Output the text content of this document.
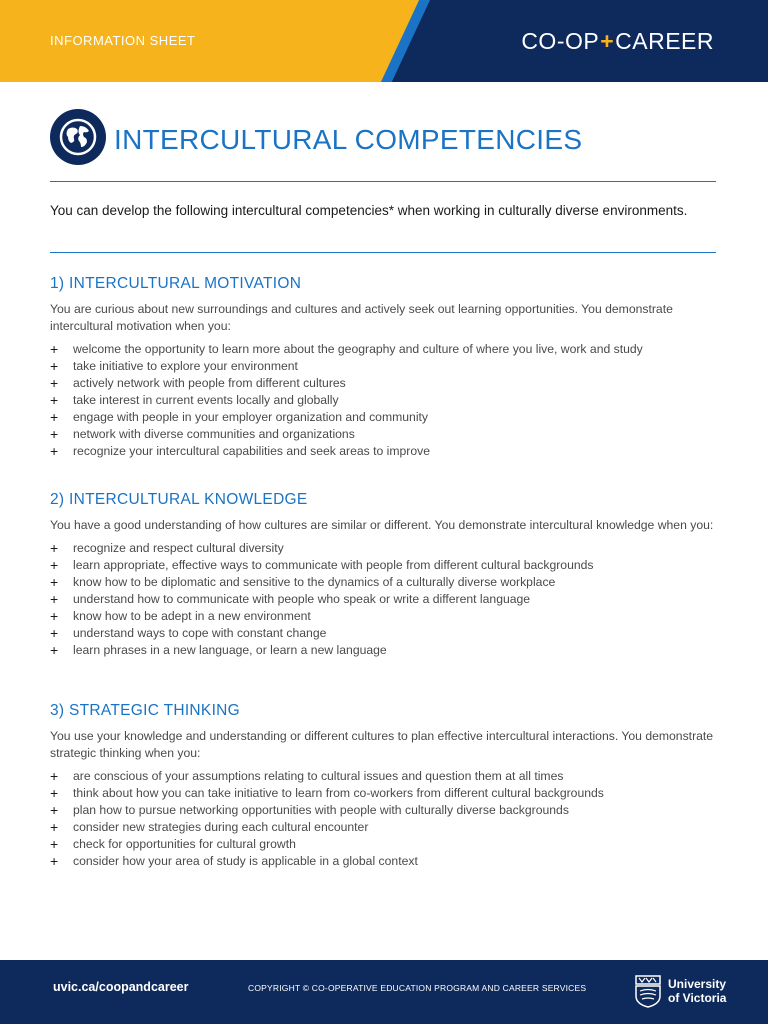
INFORMATION SHEET	CO-OP + CAREER
INTERCULTURAL COMPETENCIES

You can develop the following intercultural competencies* when working in culturally diverse environments.

1) INTERCULTURAL MOTIVATION

You are curious about new surroundings and cultures and actively seek out learning opportunities. You demonstrate intercultural motivation when you:

+ welcome the opportunity to learn more about the geography and culture of where you live, work and study
+ take initiative to explore your environment
+ actively network with people from different cultures
+ take interest in current events locally and globally
+ engage with people in your employer organization and community
+ network with diverse communities and organizations
+ recognize your intercultural capabilities and seek areas to improve
2) INTERCULTURAL KNOWLEDGE

You have a good understanding of how cultures are similar or different. You demonstrate intercultural knowledge when you:

+ recognize and respect cultural diversity
+ learn appropriate, effective ways to communicate with people from different cultural backgrounds
+ know how to be diplomatic and sensitive to the dynamics of a culturally diverse workplace
+ understand how to communicate with people who speak or write a different language
+ know how to be adept in a new environment
+ understand ways to cope with constant change
+ learn phrases in a new language, or learn a new language
3) STRATEGIC THINKING

You use your knowledge and understanding or different cultures to plan effective intercultural interactions. You demonstrate strategic thinking when you:

+ are conscious of your assumptions relating to cultural issues and question them at all times
+ think about how you can take initiative to learn from co-workers from different cultural backgrounds
+ plan how to pursue networking opportunities with people with culturally diverse backgrounds
+ consider new strategies during each cultural encounter
+ check for opportunities for cultural growth
+ consider how your area of study is applicable in a global context
uvic.ca/coopandcareer	COPYRIGHT © CO-OPERATIVE EDUCATION PROGRAM AND CAREER SERVICES	University
of Victoria
